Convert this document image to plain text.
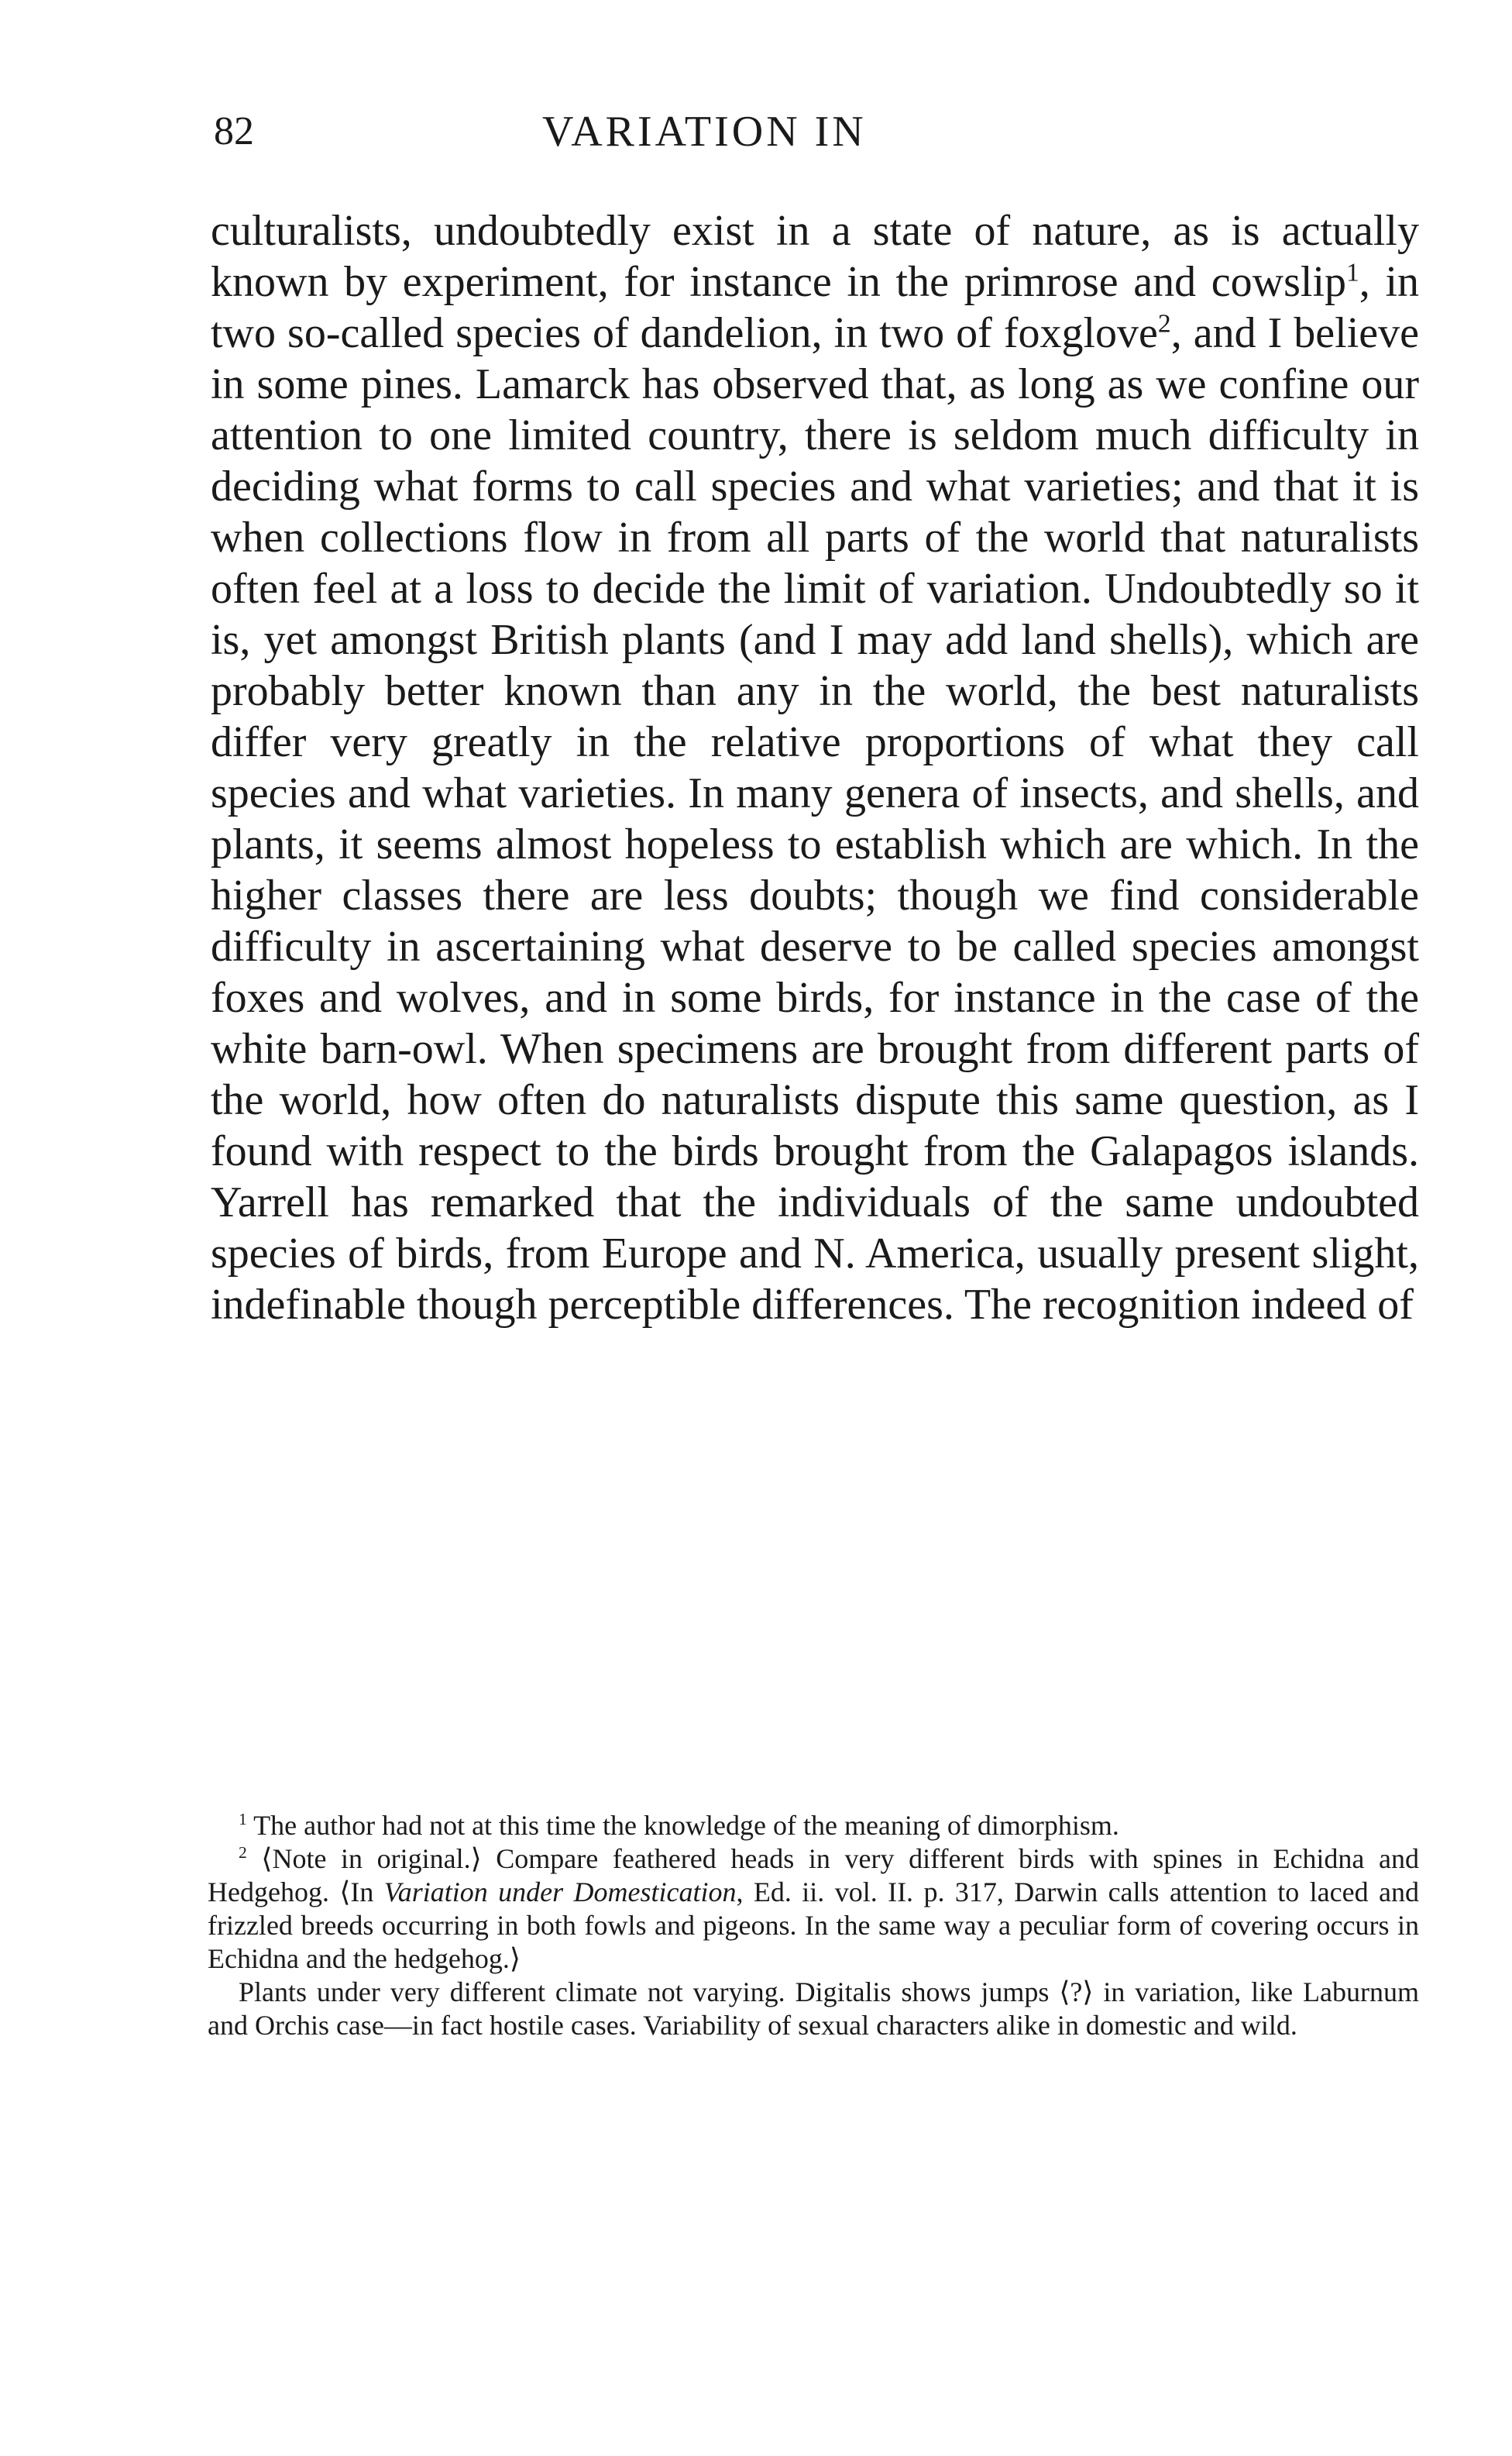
82	VARIATION IN

culturalists, undoubtedly exist in a state of nature, as is actually known by experiment, for instance in the primrose and cowslip$^1$, in two so-called species of dandelion, in two of foxglove$^2$, and I believe in some pines. Lamarck has observed that, as long as we confine our attention to one limited country, there is seldom much difficulty in deciding what forms to call species and what varieties; and that it is when collections flow in from all parts of the world that naturalists often feel at a loss to decide the limit of variation. Undoubtedly so it is, yet amongst British plants (and I may add land shells), which are probably better known than any in the world, the best naturalists differ very greatly in the relative proportions of what they call species and what varieties. In many genera of insects, and shells, and plants, it seems almost hopeless to establish which are which. In the higher classes there are less doubts; though we find considerable difficulty in ascertaining what deserve to be called species amongst foxes and wolves, and in some birds, for instance in the case of the white barn-owl. When specimens are brought from different parts of the world, how often do naturalists dispute this same question, as I found with respect to the birds brought from the Galapagos islands. Yarrell has remarked that the individuals of the same undoubted species of birds, from Europe and N. America, usually present slight, indefinable though perceptible differences. The recognition indeed of

$^1$ The author had not at this time the knowledge of the meaning of dimorphism.

$^2$ ⟨Note in original.⟩ Compare feathered heads in very different birds with spines in Echidna and Hedgehog. ⟨In Variation under Domestication, Ed. ii. vol. II. p. 317, Darwin calls attention to laced and frizzled breeds occurring in both fowls and pigeons. In the same way a peculiar form of covering occurs in Echidna and the hedgehog.⟩

Plants under very different climate not varying. Digitalis shows jumps ⟨?⟩ in variation, like Laburnum and Orchis case—in fact hostile cases. Variability of sexual characters alike in domestic and wild.
